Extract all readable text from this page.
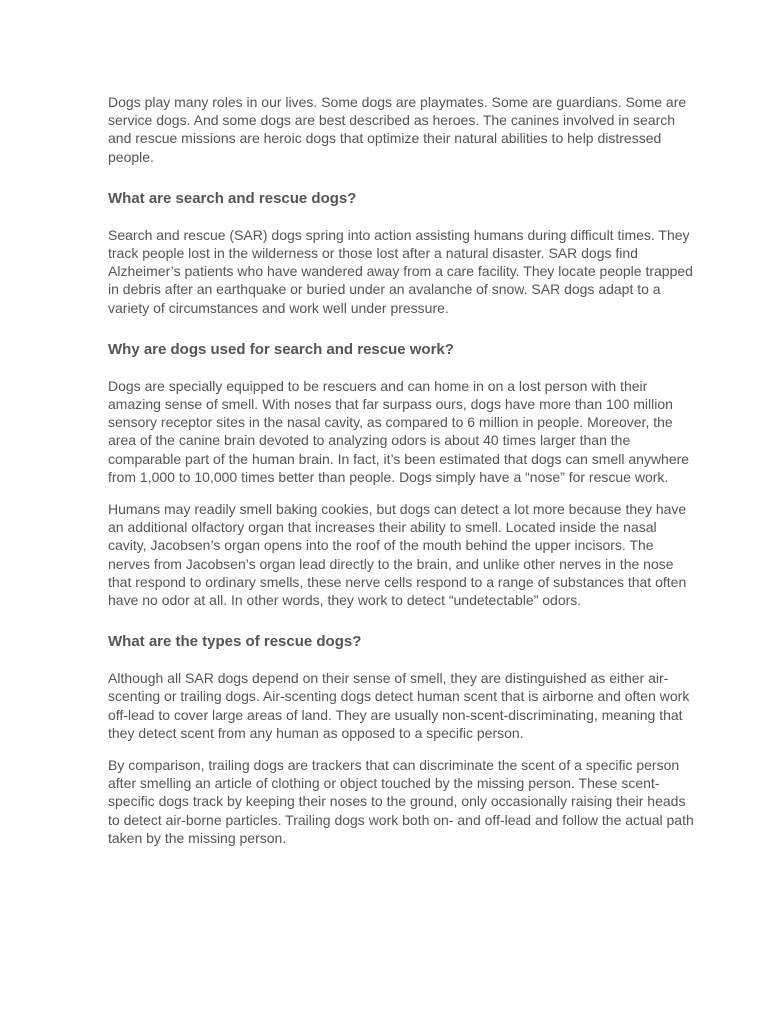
Dogs play many roles in our lives. Some dogs are playmates. Some are guardians. Some are service dogs. And some dogs are best described as heroes. The canines involved in search and rescue missions are heroic dogs that optimize their natural abilities to help distressed people.

What are search and rescue dogs?

Search and rescue (SAR) dogs spring into action assisting humans during difficult times. They track people lost in the wilderness or those lost after a natural disaster. SAR dogs find Alzheimer’s patients who have wandered away from a care facility. They locate people trapped in debris after an earthquake or buried under an avalanche of snow. SAR dogs adapt to a variety of circumstances and work well under pressure.

Why are dogs used for search and rescue work?

Dogs are specially equipped to be rescuers and can home in on a lost person with their amazing sense of smell. With noses that far surpass ours, dogs have more than 100 million sensory receptor sites in the nasal cavity, as compared to 6 million in people. Moreover, the area of the canine brain devoted to analyzing odors is about 40 times larger than the comparable part of the human brain. In fact, it’s been estimated that dogs can smell anywhere from 1,000 to 10,000 times better than people. Dogs simply have a “nose” for rescue work.

Humans may readily smell baking cookies, but dogs can detect a lot more because they have an additional olfactory organ that increases their ability to smell. Located inside the nasal cavity, Jacobsen’s organ opens into the roof of the mouth behind the upper incisors. The nerves from Jacobsen’s organ lead directly to the brain, and unlike other nerves in the nose that respond to ordinary smells, these nerve cells respond to a range of substances that often have no odor at all. In other words, they work to detect “undetectable” odors.

What are the types of rescue dogs?

Although all SAR dogs depend on their sense of smell, they are distinguished as either air-scenting or trailing dogs. Air-scenting dogs detect human scent that is airborne and often work off-lead to cover large areas of land. They are usually non-scent-discriminating, meaning that they detect scent from any human as opposed to a specific person.

By comparison, trailing dogs are trackers that can discriminate the scent of a specific person after smelling an article of clothing or object touched by the missing person. These scent-specific dogs track by keeping their noses to the ground, only occasionally raising their heads to detect air-borne particles. Trailing dogs work both on- and off-lead and follow the actual path taken by the missing person.
